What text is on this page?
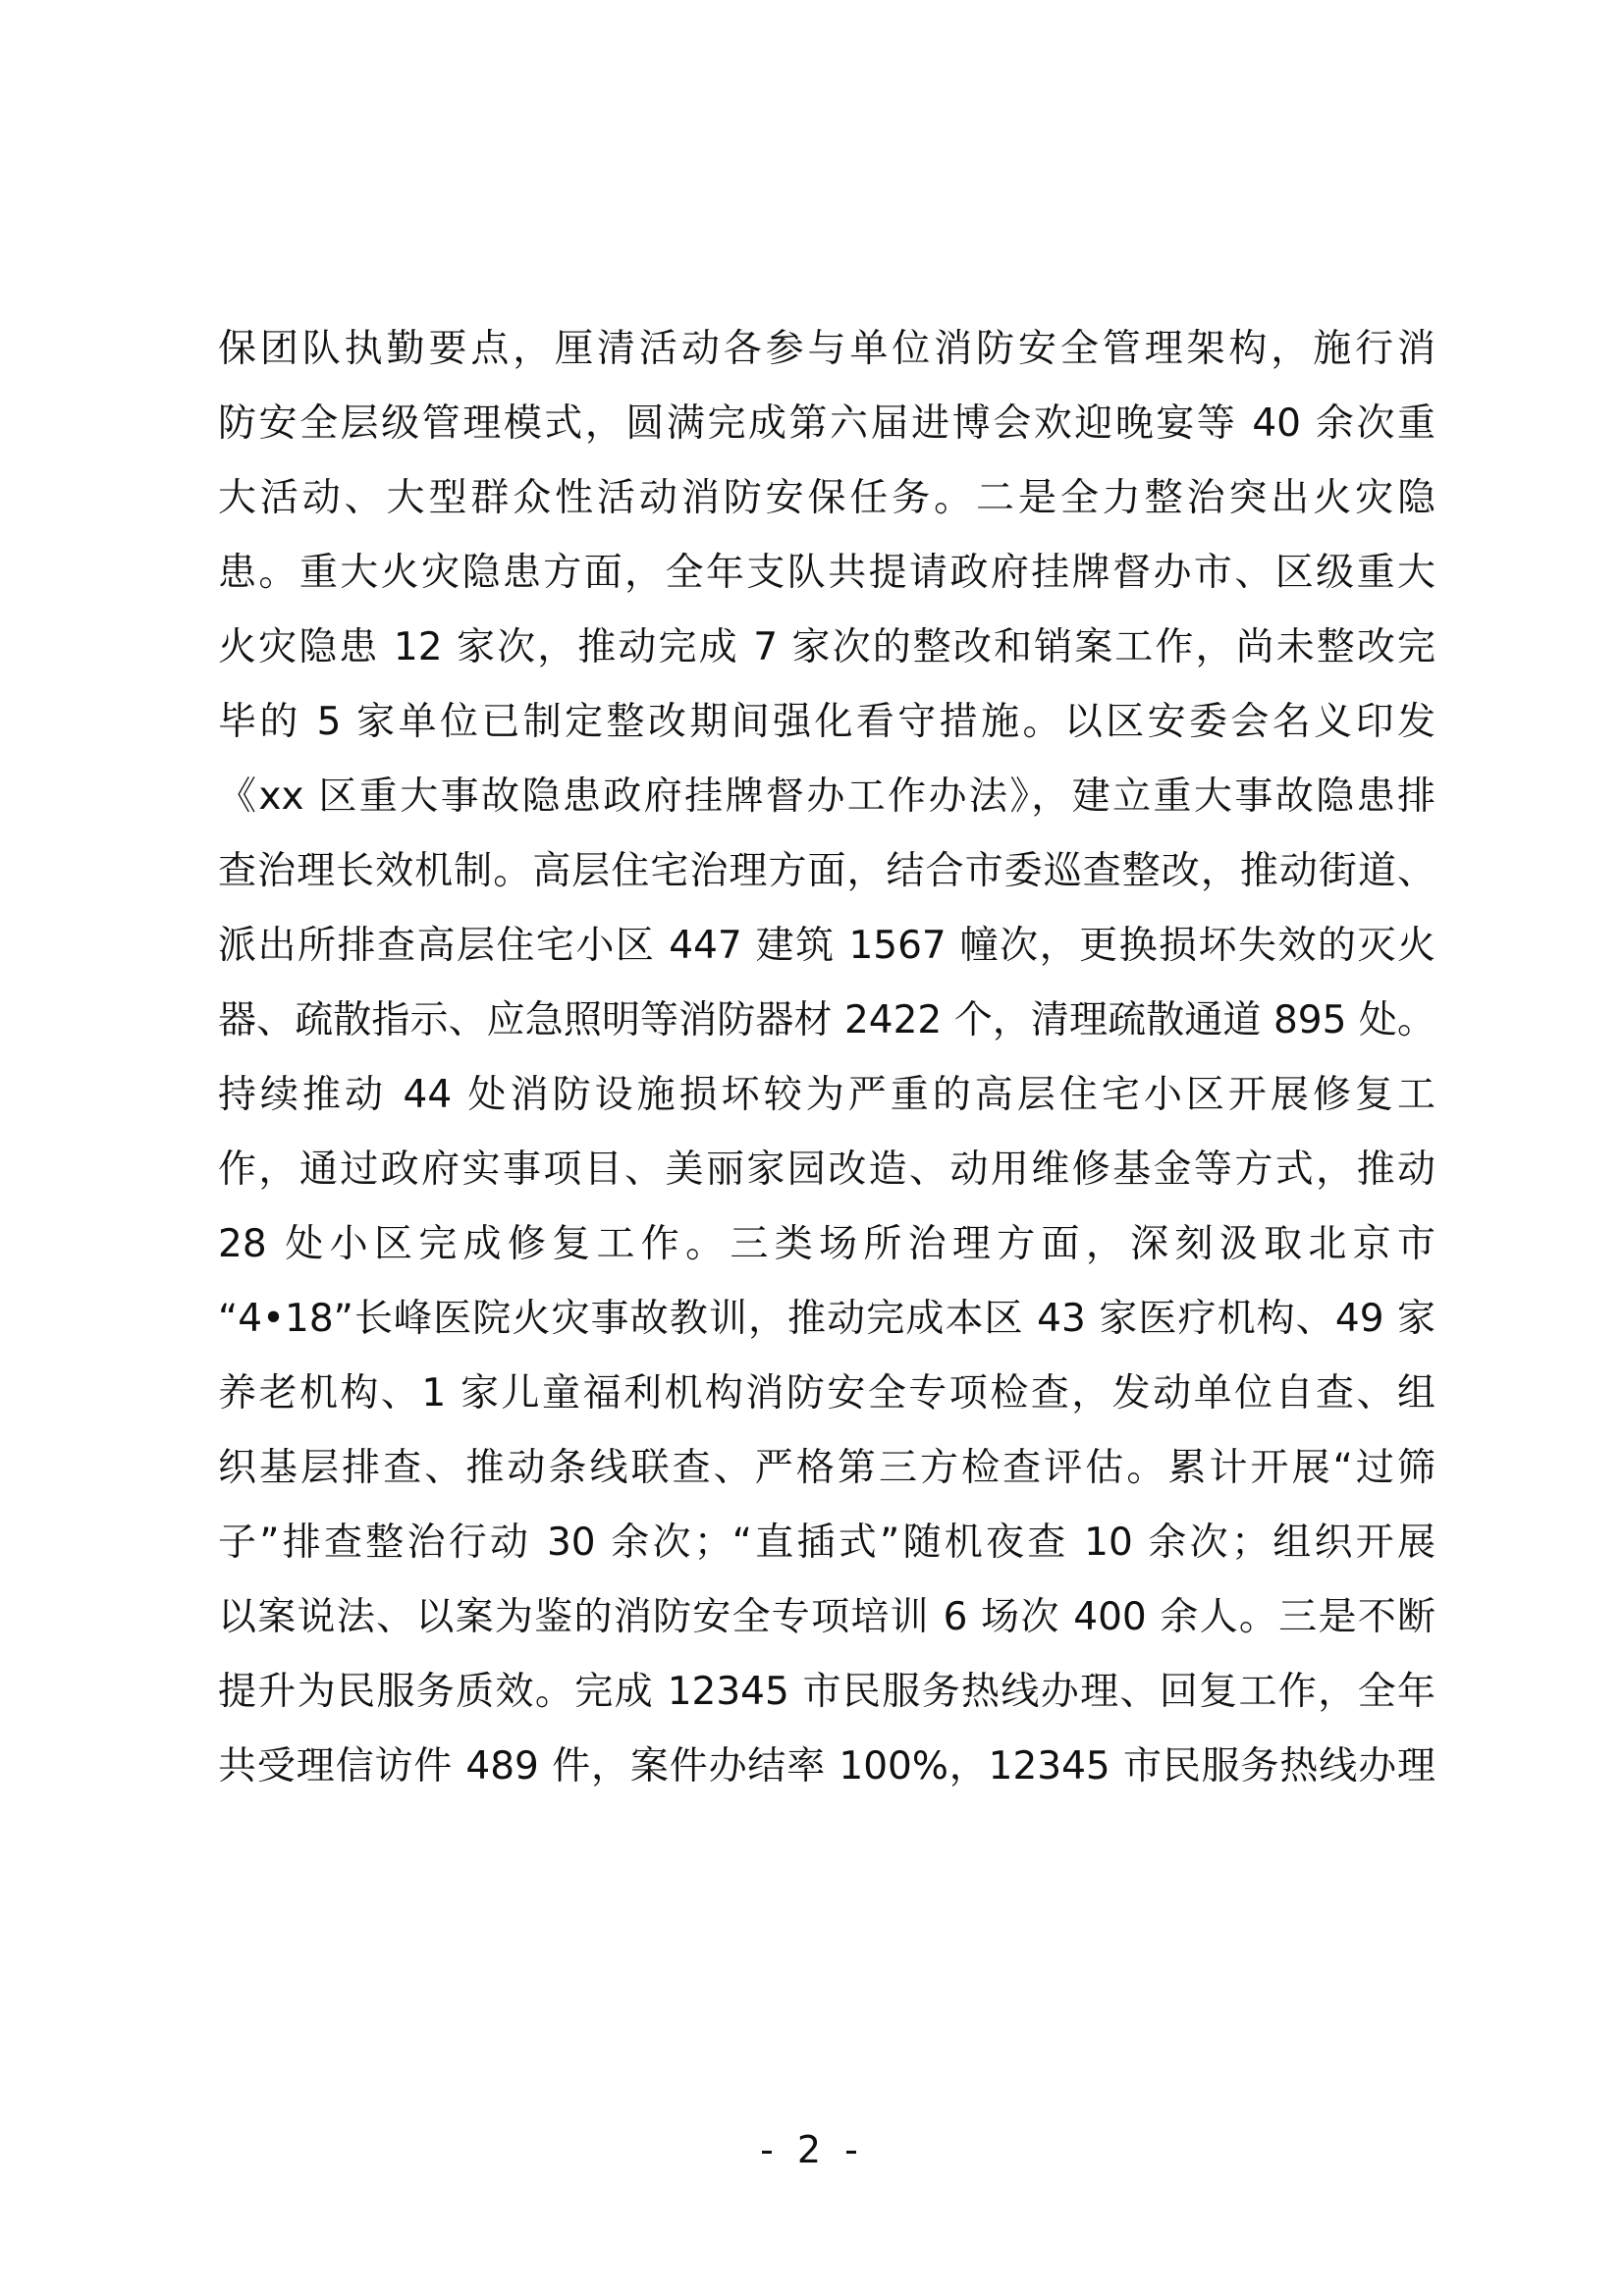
保团队执勤要点，厘清活动各参与单位消防安全管理架构，施行消
防安全层级管理模式，圆满完成第六届进博会欢迎晚宴等 40 余次重
大活动、大型群众性活动消防安保任务。二是全力整治突出火灾隐
患。重大火灾隐患方面，全年支队共提请政府挂牌督办市、区级重大
火灾隐患 12 家次，推动完成 7 家次的整改和销案工作，尚未整改完
毕的 5 家单位已制定整改期间强化看守措施。以区安委会名义印发
《xx 区重大事故隐患政府挂牌督办工作办法》，建立重大事故隐患排
查治理长效机制。高层住宅治理方面，结合市委巡查整改，推动街道、
派出所排查高层住宅小区 447 建筑 1567 幢次，更换损坏失效的灭火
器、疏散指示、应急照明等消防器材 2422 个，清理疏散通道 895 处。
持续推动 44 处消防设施损坏较为严重的高层住宅小区开展修复工
作，通过政府实事项目、美丽家园改造、动用维修基金等方式，推动
28 处小区完成修复工作。三类场所治理方面，深刻汲取北京市
“4•18”长峰医院火灾事故教训，推动完成本区 43 家医疗机构、49 家
养老机构、1 家儿童福利机构消防安全专项检查，发动单位自查、组
织基层排查、推动条线联查、严格第三方检查评估。累计开展“过筛
子”排查整治行动 30 余次；“直插式”随机夜查 10 余次；组织开展
以案说法、以案为鉴的消防安全专项培训 6 场次 400 余人。三是不断
提升为民服务质效。完成 12345 市民服务热线办理、回复工作，全年
共受理信访件 489 件，案件办结率 100%，12345 市民服务热线办理
- 2 -
